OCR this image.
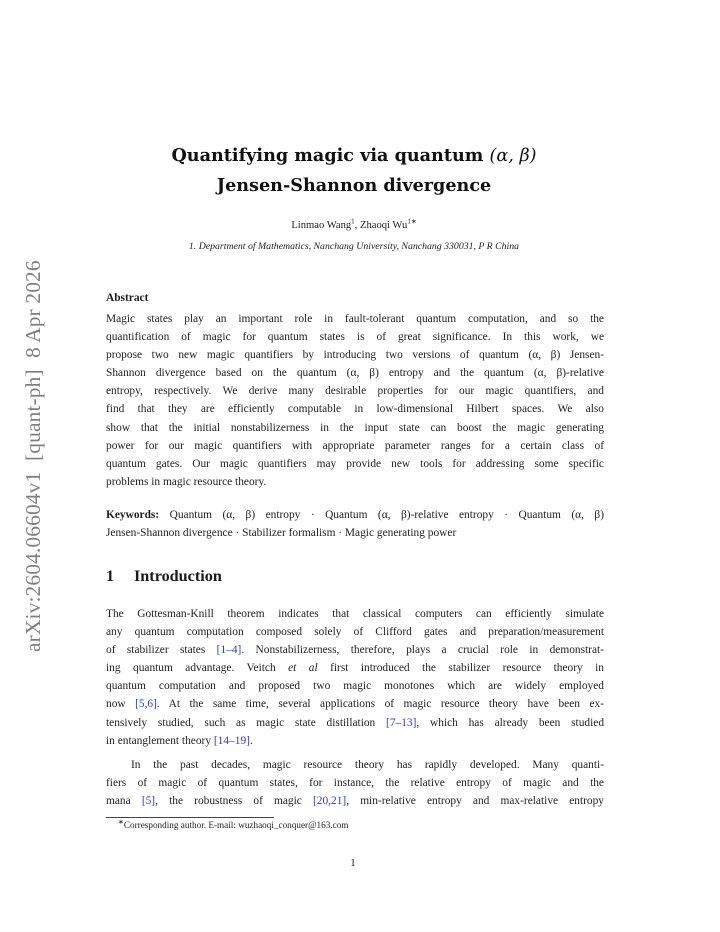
arXiv:2604.06604v1[quant-ph]8 Apr 2026
Quantifying magic via quantum (α, β)
Jensen-Shannon divergence
Linmao Wang$^1$, Zhaoqi $Wu^{1∗}$
1. Department of Mathematics, Nanchang University, Nanchang 330031, P R China
Abstract
Magic states play an important role in fault-tolerant quantum computation, and so the
quantification of magic for quantum states is of great significance. In this work, we
propose two new magic quantifiers by introducing two versions of quantum (α, β) Jensen-
Shannon divergence based on the quantum (α, β) entropy and the quantum (α, β)-relative
entropy, respectively. We derive many desirable properties for our magic quantifiers, and
find that they are efficiently computable in low-dimensional Hilbert spaces. We also
show that the initial nonstabilizerness in the input state can boost the magic generating
power for our magic quantifiers with appropriate parameter ranges for a certain class of
quantum gates. Our magic quantifiers may provide new tools for addressing some specific
problems in magic resource theory.
Keywords: Quantum (α, β) entropy · Quantum (α, β)-relative entropy · Quantum (α, β)
Jensen-Shannon divergence · Stabilizer formalism · Magic generating power
1 Introduction
The Gottesman-Knill theorem indicates that classical computers can efficiently simulate
any quantum computation composed solely of Clifford gates and preparation/measurement
of stabilizer states [1–4]. Nonstabilizerness, therefore, plays a crucial role in demonstrat-
ing quantum advantage. Veitch et al first introduced the stabilizer resource theory in
quantum computation and proposed two magic monotones which are widely employed
now [5,6]. At the same time, several applications of magic resource theory have been ex-
tensively studied, such as magic state distillation [7–13], which has already been studied
in entanglement theory [14–19].
In the past decades, magic resource theory has rapidly developed. Many quanti-
fiers of magic of quantum states, for instance, the relative entropy of magic and the
mana [5], the robustness of magic [20,21], min-relative entropy and max-relative entropy
∗Corresponding author. E-mail: wuzhaoqi_conquer@163.com
1
